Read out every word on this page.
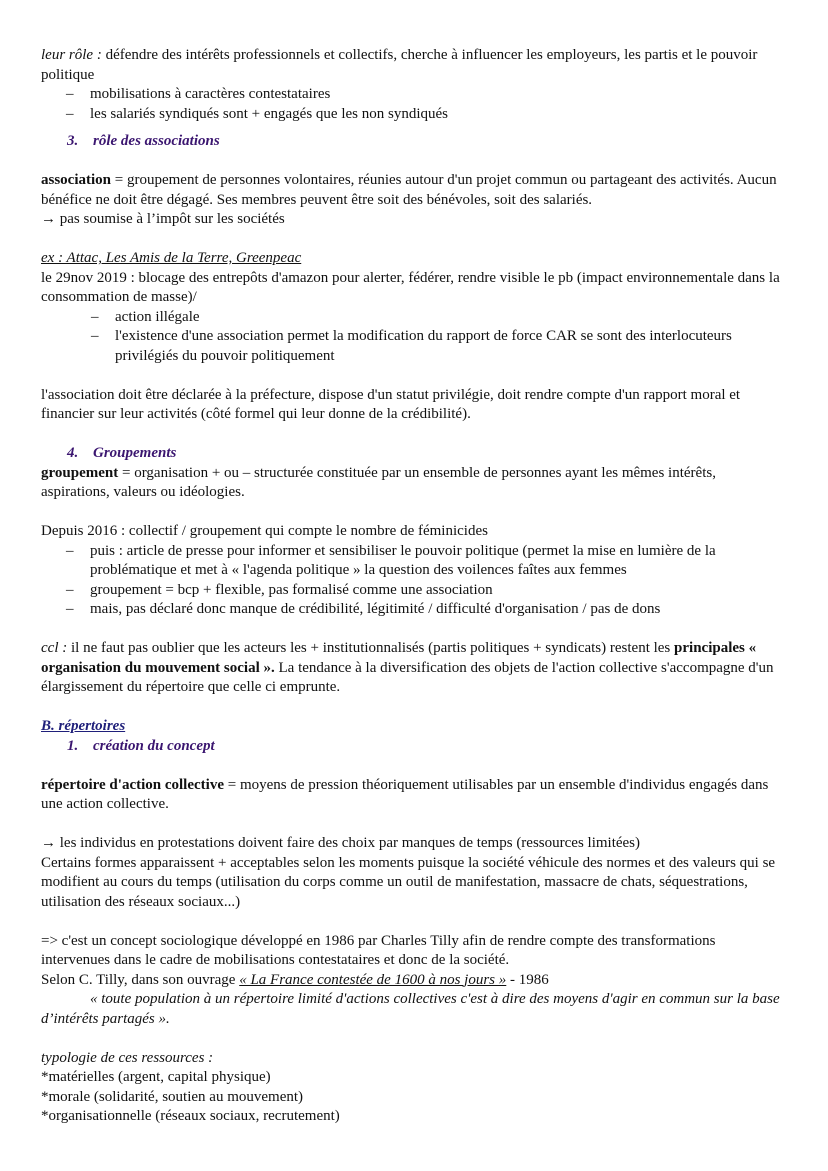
leur rôle : défendre des intérêts professionnels et collectifs, cherche à influencer les employeurs, les partis et le pouvoir politique

– mobilisations à caractères contestataires
– les salariés syndiqués sont + engagés que les non syndiqués

3. rôle des associations

association = groupement de personnes volontaires, réunies autour d'un projet commun ou partageant des activités. Aucun bénéfice ne doit être dégagé. Ses membres peuvent être soit des bénévoles, soit des salariés.

→ pas soumise à l’impôt sur les sociétés

ex : Attac, Les Amis de la Terre, Greenpeac

le 29nov 2019 : blocage des entrepôts d'amazon pour alerter, fédérer, rendre visible le pb (impact environnementale dans la consommation de masse)/

– action illégale
– l'existence d'une association permet la modification du rapport de force CAR se sont des interlocuteurs privilégiés du pouvoir politiquement

l'association doit être déclarée à la préfecture, dispose d'un statut privilégie, doit rendre compte d'un rapport moral et financier sur leur activités (côté formel qui leur donne de la crédibilité).

4. Groupements

groupement = organisation + ou – structurée constituée par un ensemble de personnes ayant les mêmes intérêts, aspirations, valeurs ou idéologies.

Depuis 2016 : collectif / groupement qui compte le nombre de féminicides

– puis : article de presse pour informer et sensibiliser le pouvoir politique (permet la mise en lumière de la problématique et met à « l'agenda politique » la question des voilences faîtes aux femmes
– groupement = bcp + flexible, pas formalisé comme une association
– mais, pas déclaré donc manque de crédibilité, légitimité / difficulté d'organisation / pas de dons

ccl : il ne faut pas oublier que les acteurs les + institutionnalisés (partis politiques + syndicats) restent les principales « organisation du mouvement social ». La tendance à la diversification des objets de l'action collective s'accompagne d'un élargissement du répertoire que celle ci emprunte.

B. répertoires

1. création du concept

répertoire d'action collective = moyens de pression théoriquement utilisables par un ensemble d'individus engagés dans une action collective.

→ les individus en protestations doivent faire des choix par manques de temps (ressources limitées)

Certains formes apparaissent + acceptables selon les moments puisque la société véhicule des normes et des valeurs qui se modifient au cours du temps (utilisation du corps comme un outil de manifestation, massacre de chats, séquestrations, utilisation des réseaux sociaux...)

=> c'est un concept sociologique développé en 1986 par Charles Tilly afin de rendre compte des transformations intervenues dans le cadre de mobilisations contestataires et donc de la société.

Selon C. Tilly, dans son ouvrage « La France contestée de 1600 à nos jours » - 1986

« toute population à un répertoire limité d'actions collectives c'est à dire des moyens d'agir en commun sur la base d’intérêts partagés ».

typologie de ces ressources :

*matérielles (argent, capital physique)

*morale (solidarité, soutien au mouvement)

*organisationnelle (réseaux sociaux, recrutement)
